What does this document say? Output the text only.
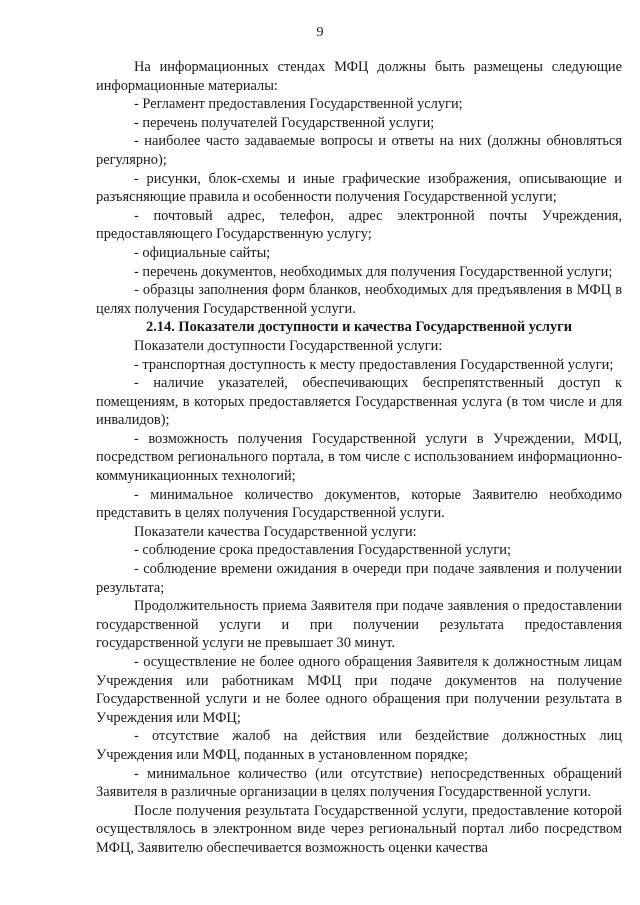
9

На информационных стендах МФЦ должны быть размещены следующие информационные материалы:

- Регламент предоставления Государственной услуги;

- перечень получателей Государственной услуги;

- наиболее часто задаваемые вопросы и ответы на них (должны обновляться регулярно);

- рисунки, блок-схемы и иные графические изображения, описывающие и разъясняющие правила и особенности получения Государственной услуги;

- почтовый адрес, телефон, адрес электронной почты Учреждения, предоставляющего Государственную услугу;

- официальные сайты;

- перечень документов, необходимых для получения Государственной услуги;

- образцы заполнения форм бланков, необходимых для предъявления в МФЦ в целях получения Государственной услуги.

2.14. Показатели доступности и качества Государственной услуги

Показатели доступности Государственной услуги:

- транспортная доступность к месту предоставления Государственной услуги;

- наличие указателей, обеспечивающих беспрепятственный доступ к помещениям, в которых предоставляется Государственная услуга (в том числе и для инвалидов);

- возможность получения Государственной услуги в Учреждении, МФЦ, посредством регионального портала, в том числе с использованием информационно-коммуникационных технологий;

- минимальное количество документов, которые Заявителю необходимо представить в целях получения Государственной услуги.

Показатели качества Государственной услуги:

- соблюдение срока предоставления Государственной услуги;

- соблюдение времени ожидания в очереди при подаче заявления и получении результата;

Продолжительность приема Заявителя при подаче заявления о предоставлении государственной услуги и при получении результата предоставления государственной услуги не превышает 30 минут.

- осуществление не более одного обращения Заявителя к должностным лицам Учреждения или работникам МФЦ при подаче документов на получение Государственной услуги и не более одного обращения при получении результата в Учреждения или МФЦ;

- отсутствие жалоб на действия или бездействие должностных лиц Учреждения или МФЦ, поданных в установленном порядке;

- минимальное количество (или отсутствие) непосредственных обращений Заявителя в различные организации в целях получения Государственной услуги.

После получения результата Государственной услуги, предоставление которой осуществлялось в электронном виде через региональный портал либо посредством МФЦ, Заявителю обеспечивается возможность оценки качества
